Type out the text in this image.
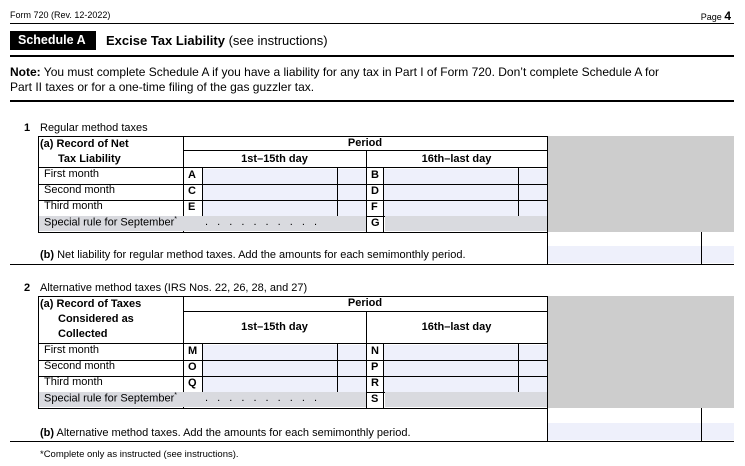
Form 720 (Rev. 12-2022)	Page 4
Schedule A	Excise Tax Liability (see instructions)
Note: You must complete Schedule A if you have a liability for any tax in Part I of Form 720. Don’t complete Schedule A for
Part II taxes or for a one-time filing of the gas guzzler tax.
1 Regular method taxes
(a) Record of Net
Tax Liability
Period
1st–15th day	16th–last day
First month	A	B
Second month	C	D
Third month	E	F
Special rule for September*	. . . . . . . . . .	G
(b) Net liability for regular method taxes. Add the amounts for each semimonthly period.
2 Alternative method taxes (IRS Nos. 22, 26, 28, and 27)
(a) Record of Taxes
Considered as
Collected
Period
1st–15th day	16th–last day
First month	M	N
Second month	O	P
Third month	Q	R
Special rule for September*	. . . . . . . . . .	S
(b) Alternative method taxes. Add the amounts for each semimonthly period.
*Complete only as instructed (see instructions).
